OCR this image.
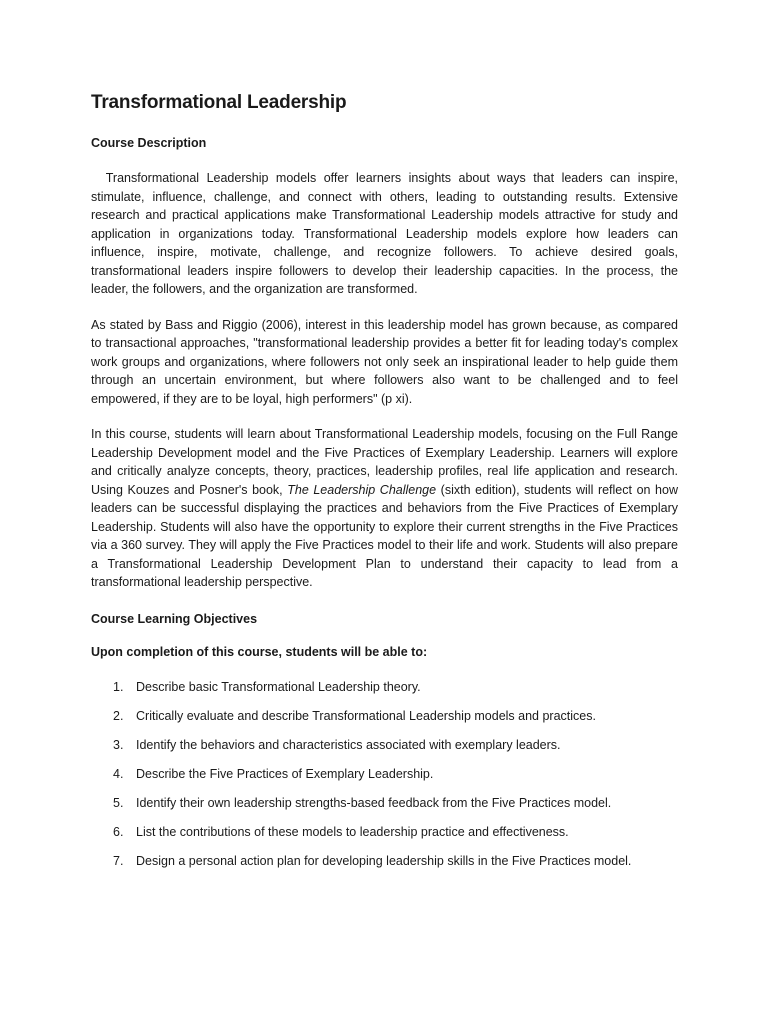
Transformational Leadership
Course Description

Transformational Leadership models offer learners insights about ways that leaders can inspire, stimulate, influence, challenge, and connect with others, leading to outstanding results. Extensive research and practical applications make Transformational Leadership models attractive for study and application in organizations today. Transformational Leadership models explore how leaders can influence, inspire, motivate, challenge, and recognize followers. To achieve desired goals, transformational leaders inspire followers to develop their leadership capacities. In the process, the leader, the followers, and the organization are transformed.

As stated by Bass and Riggio (2006), interest in this leadership model has grown because, as compared to transactional approaches, "transformational leadership provides a better fit for leading today's complex work groups and organizations, where followers not only seek an inspirational leader to help guide them through an uncertain environment, but where followers also want to be challenged and to feel empowered, if they are to be loyal, high performers" (p xi).

In this course, students will learn about Transformational Leadership models, focusing on the Full Range Leadership Development model and the Five Practices of Exemplary Leadership. Learners will explore and critically analyze concepts, theory, practices, leadership profiles, real life application and research. Using Kouzes and Posner's book, The Leadership Challenge (sixth edition), students will reflect on how leaders can be successful displaying the practices and behaviors from the Five Practices of Exemplary Leadership. Students will also have the opportunity to explore their current strengths in the Five Practices via a 360 survey. They will apply the Five Practices model to their life and work. Students will also prepare a Transformational Leadership Development Plan to understand their capacity to lead from a transformational leadership perspective.

Course Learning Objectives
Upon completion of this course, students will be able to:
1.	Describe basic Transformational Leadership theory.
2.	Critically evaluate and describe Transformational Leadership models and practices.
3.	Identify the behaviors and characteristics associated with exemplary leaders.
4.	Describe the Five Practices of Exemplary Leadership.
5.	Identify their own leadership strengths-based feedback from the Five Practices model.
6.	List the contributions of these models to leadership practice and effectiveness.
7.	Design a personal action plan for developing leadership skills in the Five Practices model.
